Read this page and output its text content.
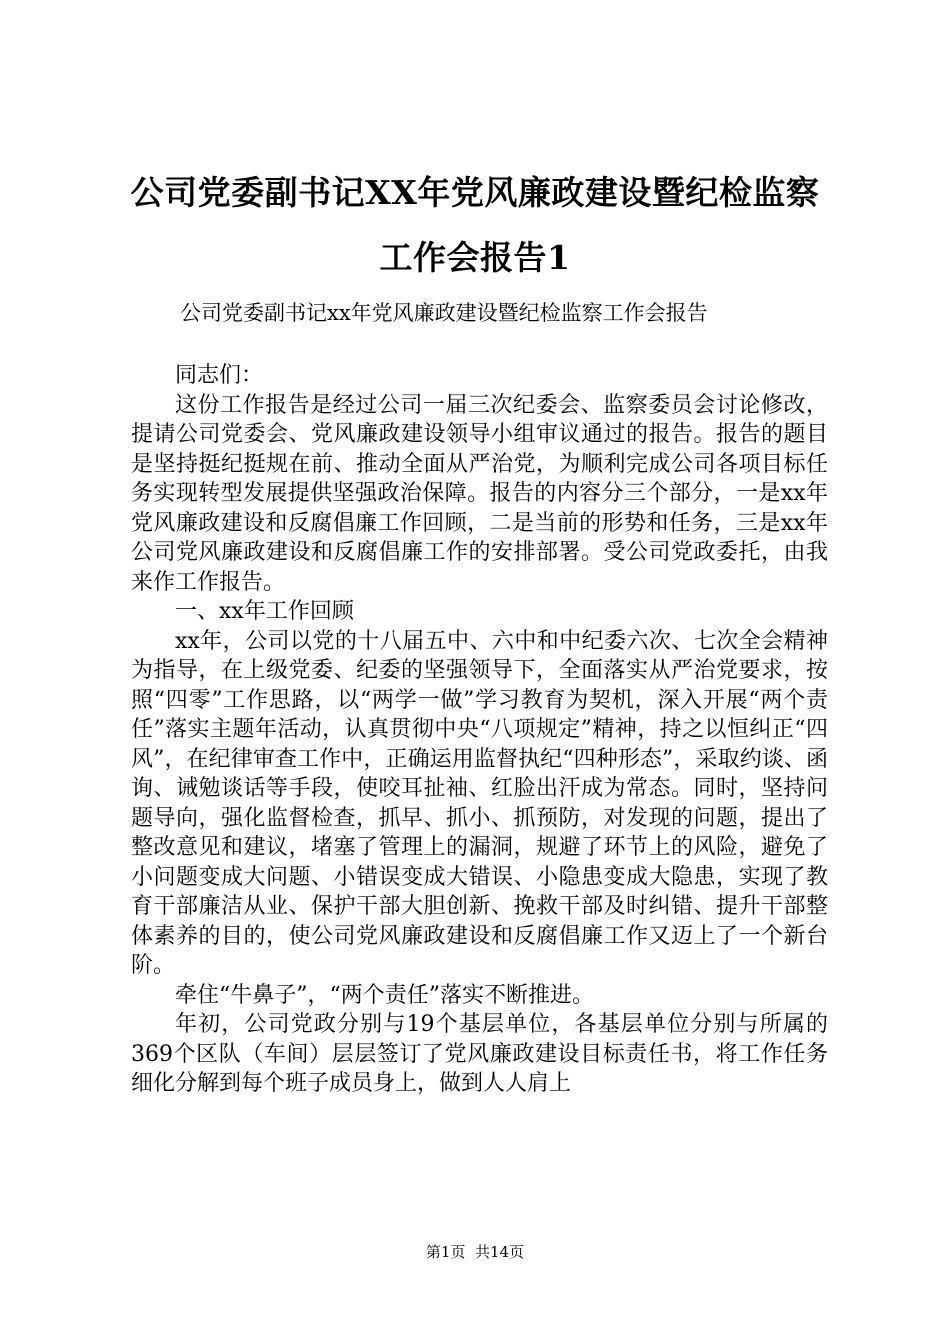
公司党委副书记XX年党风廉政建设暨纪检监察工作会报告1
公司党委副书记xx年党风廉政建设暨纪检监察工作会报告

同志们：

这份工作报告是经过公司一届三次纪委会、监察委员会讨论修改，提请公司党委会、党风廉政建设领导小组审议通过的报告。报告的题目是坚持挺纪挺规在前、推动全面从严治党，为顺利完成公司各项目标任务实现转型发展提供坚强政治保障。报告的内容分三个部分，一是xx年党风廉政建设和反腐倡廉工作回顾，二是当前的形势和任务，三是xx年公司党风廉政建设和反腐倡廉工作的安排部署。受公司党政委托，由我来作工作报告。

一、xx年工作回顾

xx年，公司以党的十八届五中、六中和中纪委六次、七次全会精神为指导，在上级党委、纪委的坚强领导下，全面落实从严治党要求，按照“四零”工作思路，以“两学一做”学习教育为契机，深入开展“两个责任”落实主题年活动，认真贯彻中央“八项规定”精神，持之以恒纠正“四风”，在纪律审查工作中，正确运用监督执纪“四种形态”，采取约谈、函询、诫勉谈话等手段，使咬耳扯袖、红脸出汗成为常态。同时，坚持问题导向，强化监督检查，抓早、抓小、抓预防，对发现的问题，提出了整改意见和建议，堵塞了管理上的漏洞，规避了环节上的风险，避免了小问题变成大问题、小错误变成大错误、小隐患变成大隐患，实现了教育干部廉洁从业、保护干部大胆创新、挽救干部及时纠错、提升干部整体素养的目的，使公司党风廉政建设和反腐倡廉工作又迈上了一个新台阶。

牵住“牛鼻子”，“两个责任”落实不断推进。

年初，公司党政分别与19个基层单位，各基层单位分别与所属的369个区队（车间）层层签订了党风廉政建设目标责任书，将工作任务细化分解到每个班子成员身上，做到人人肩上

第1页 共14页
